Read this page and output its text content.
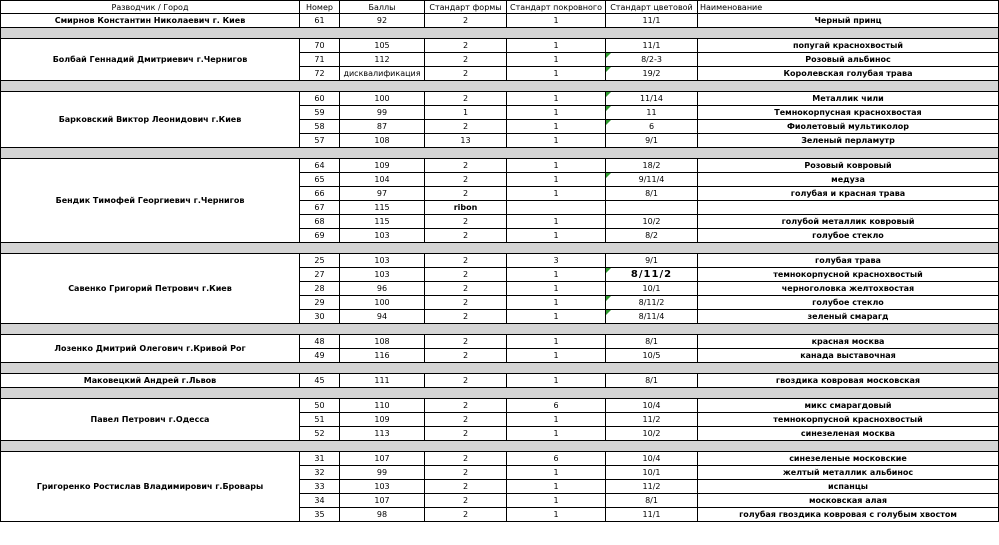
Разводчик / Город	Номер	Баллы	Стандарт формы	Стандарт покровного	Стандарт цветовой	Наименование
Смирнов Константин Николаевич г. Киев	61	92	2	1	11/1	Черный принц

Болбай Геннадий Дмитриевич г.Чернигов	70	105	2	1	11/1	попугай красноxвостый
	71	112	2	1	8/2-3	Розовый альбинос
	72	дисквалификация	2	1	19/2	Королевская голубая трава

Барковский Виктор Леонидович г.Киев	60	100	2	1	11/14	Металлик чили
	59	99	1	1	11	Темнокорпусная красноxвостая
	58	87	2	1	6	Фиолетовый мультиколор
	57	108	13	1	9/1	Зеленый перламутр

Бендик Тимофей Георгиевич г.Чернигов	64	109	2	1	18/2	Розовый ковровый
	65	104	2	1	9/11/4	медуза
	66	97	2	1	8/1	голубая и красная трава
	67	115	ribon			
	68	115	2	1	10/2	голубой металлик ковровый
	69	103	2	1	8/2	голубое стекло

Савенко Григорий Петрович г.Киев	25	103	2	3	9/1	голубая трава
	27	103	2	1	8/11/2	темнокорпусной красноxвостый
	28	96	2	1	10/1	черноголовка желтоxвостая
	29	100	2	1	8/11/2	голубое стекло
	30	94	2	1	8/11/4	зеленый смарагд

Лозенко Дмитрий Олегович г.Кривой Рог	48	108	2	1	8/1	красная москва
	49	116	2	1	10/5	канада выставочная

Маковецкий Андрей г.Львов	45	111	2	1	8/1	гвоздика ковровая московская

Павел Петрович г.Одесса	50	110	2	6	10/4	микс смарагдовый
	51	109	2	1	11/2	темнокорпусной красноxвостый
	52	113	2	1	10/2	синезеленая москва

Григоренко Ростислав Владимирович г.Бровары	31	107	2	6	10/4	синезеленые московские
	32	99	2	1	10/1	желтый металлик альбинос
	33	103	2	1	11/2	испанцы
	34	107	2	1	8/1	московская алая
	35	98	2	1	11/1	голубая гвоздика ковровая с голубым хвостом
